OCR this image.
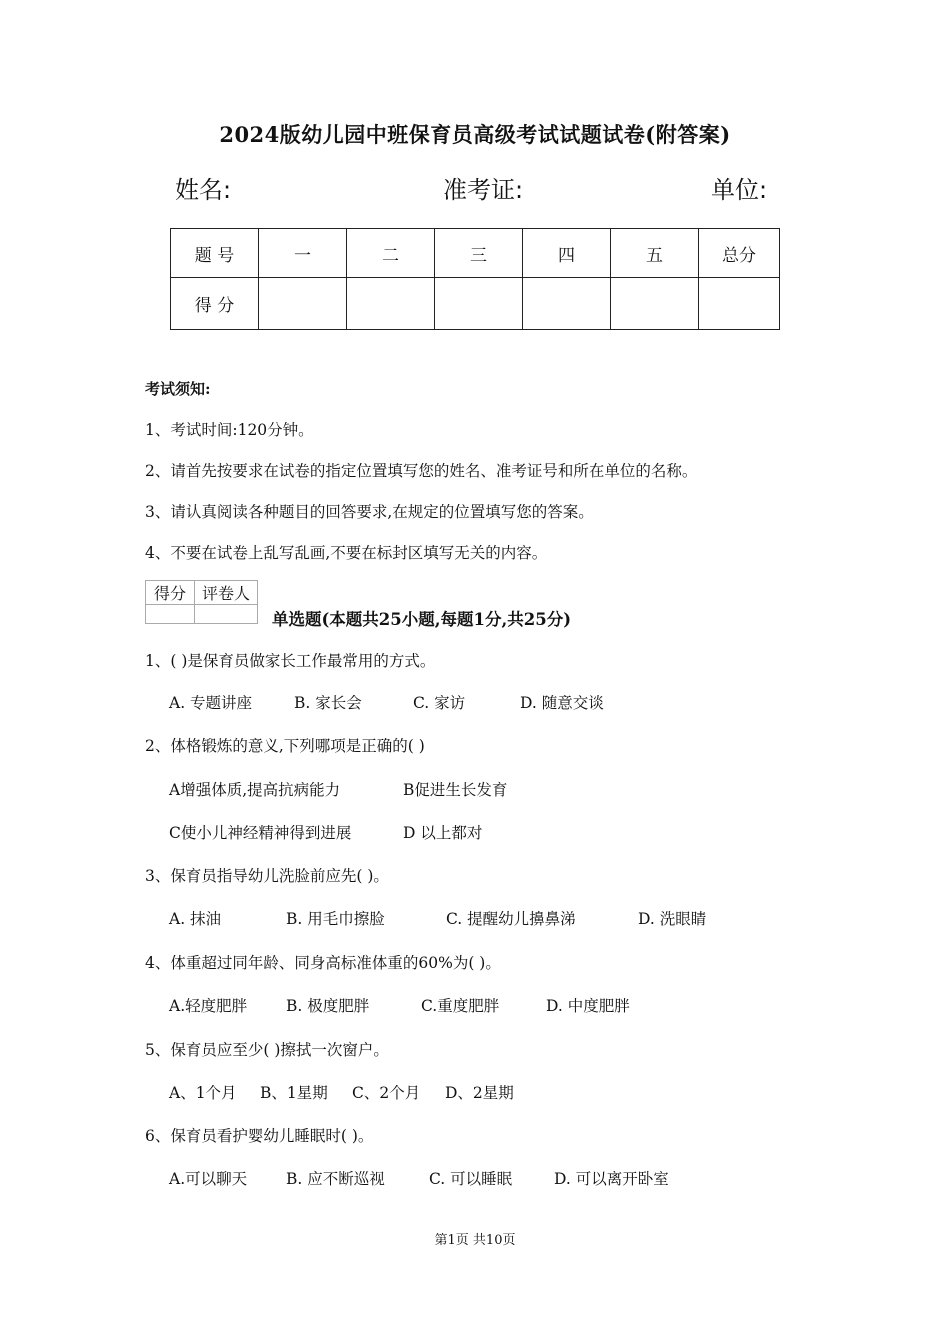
2024版幼儿园中班保育员高级考试试题试卷(附答案)
姓名:	准考证:	单位:
题 号	一	二	三	四	五	总分
得 分						
考试须知:
1、考试时间:120分钟。
2、请首先按要求在试卷的指定位置填写您的姓名、准考证号和所在单位的名称。
3、请认真阅读各种题目的回答要求,在规定的位置填写您的答案。
4、不要在试卷上乱写乱画,不要在标封区填写无关的内容。
得分	评卷人

单选题(本题共25小题,每题1分,共25分)
1、( )是保育员做家长工作最常用的方式。
A. 专题讲座	B. 家长会	C. 家访	D. 随意交谈
2、体格锻炼的意义,下列哪项是正确的( )
A增强体质,提高抗病能力	B促进生长发育
C使小儿神经精神得到进展	D 以上都对
3、保育员指导幼儿洗脸前应先( )。
A. 抹油	B. 用毛巾擦脸	C. 提醒幼儿擤鼻涕	D. 洗眼睛
4、体重超过同年龄、同身高标准体重的60%为( )。
A.轻度肥胖	B. 极度肥胖	C.重度肥胖	D. 中度肥胖
5、保育员应至少( )擦拭一次窗户。
A、1个月 B、1星期 C、2个月 D、2星期
6、保育员看护婴幼儿睡眠时( )。
A.可以聊天	B. 应不断巡视	C. 可以睡眠	D. 可以离开卧室
第1页 共10页
